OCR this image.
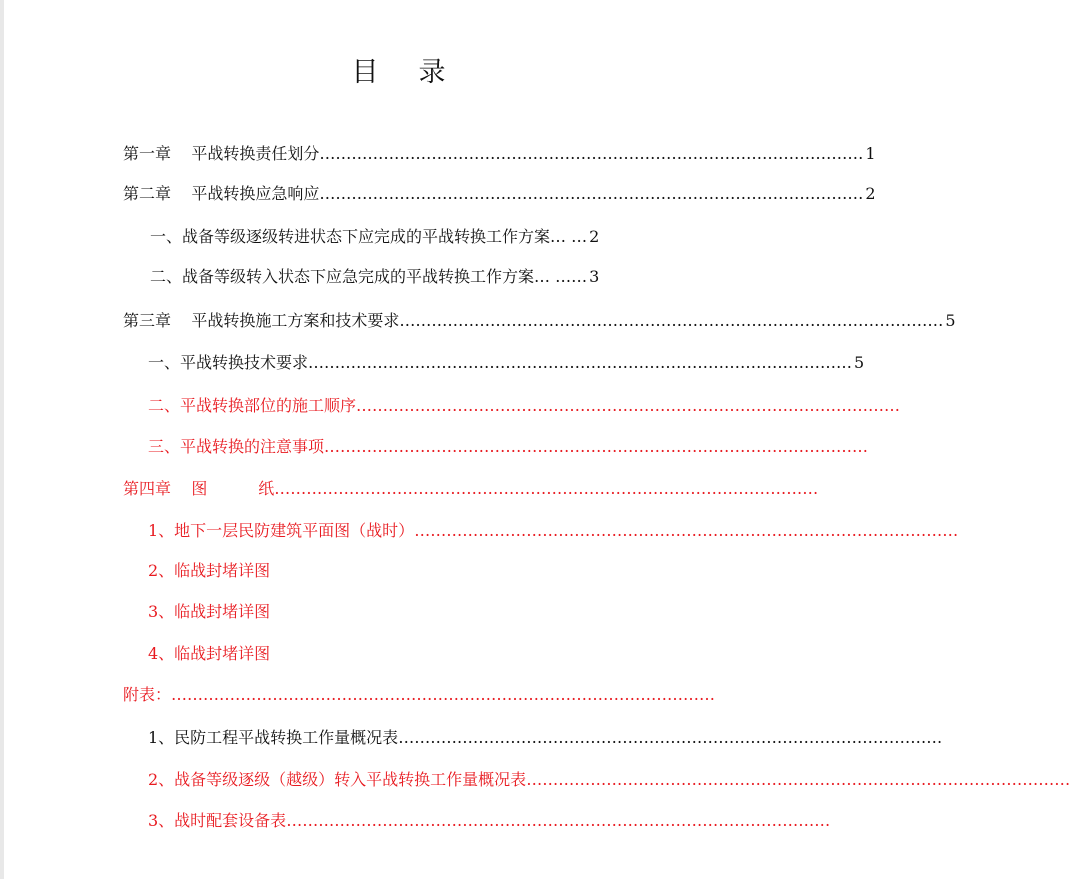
目 录
第一章    平战转换责任划分 ………………………………………………………………………………………… 1
第二章    平战转换应急响应 ………………………………………………………………………………………… 2
一、战备等级逐级转进状态下应完成的平战转换工作方案 … … 2
二、战备等级转入状态下应急完成的平战转换工作方案 … …… 3
第三章    平战转换施工方案和技术要求 ………………………………………………………………………………………… 5
一、平战转换技术要求 ………………………………………………………………………………………… 5
二、平战转换部位的施工顺序 …………………………………………………………………………………………
三、平战转换的注意事项 …………………………………………………………………………………………
第四章    图          纸 …………………………………………………………………………………………
1、地下一层民防建筑平面图（战时） …………………………………………………………………………………………
2、临战封堵详图
3、临战封堵详图
4、临战封堵详图
附表： …………………………………………………………………………………………
1、民防工程平战转换工作量概况表 …………………………………………………………………………………………
2、战备等级逐级（越级）转入平战转换工作量概况表 …………………………………………………………………………………………
3、战时配套设备表 …………………………………………………………………………………………
